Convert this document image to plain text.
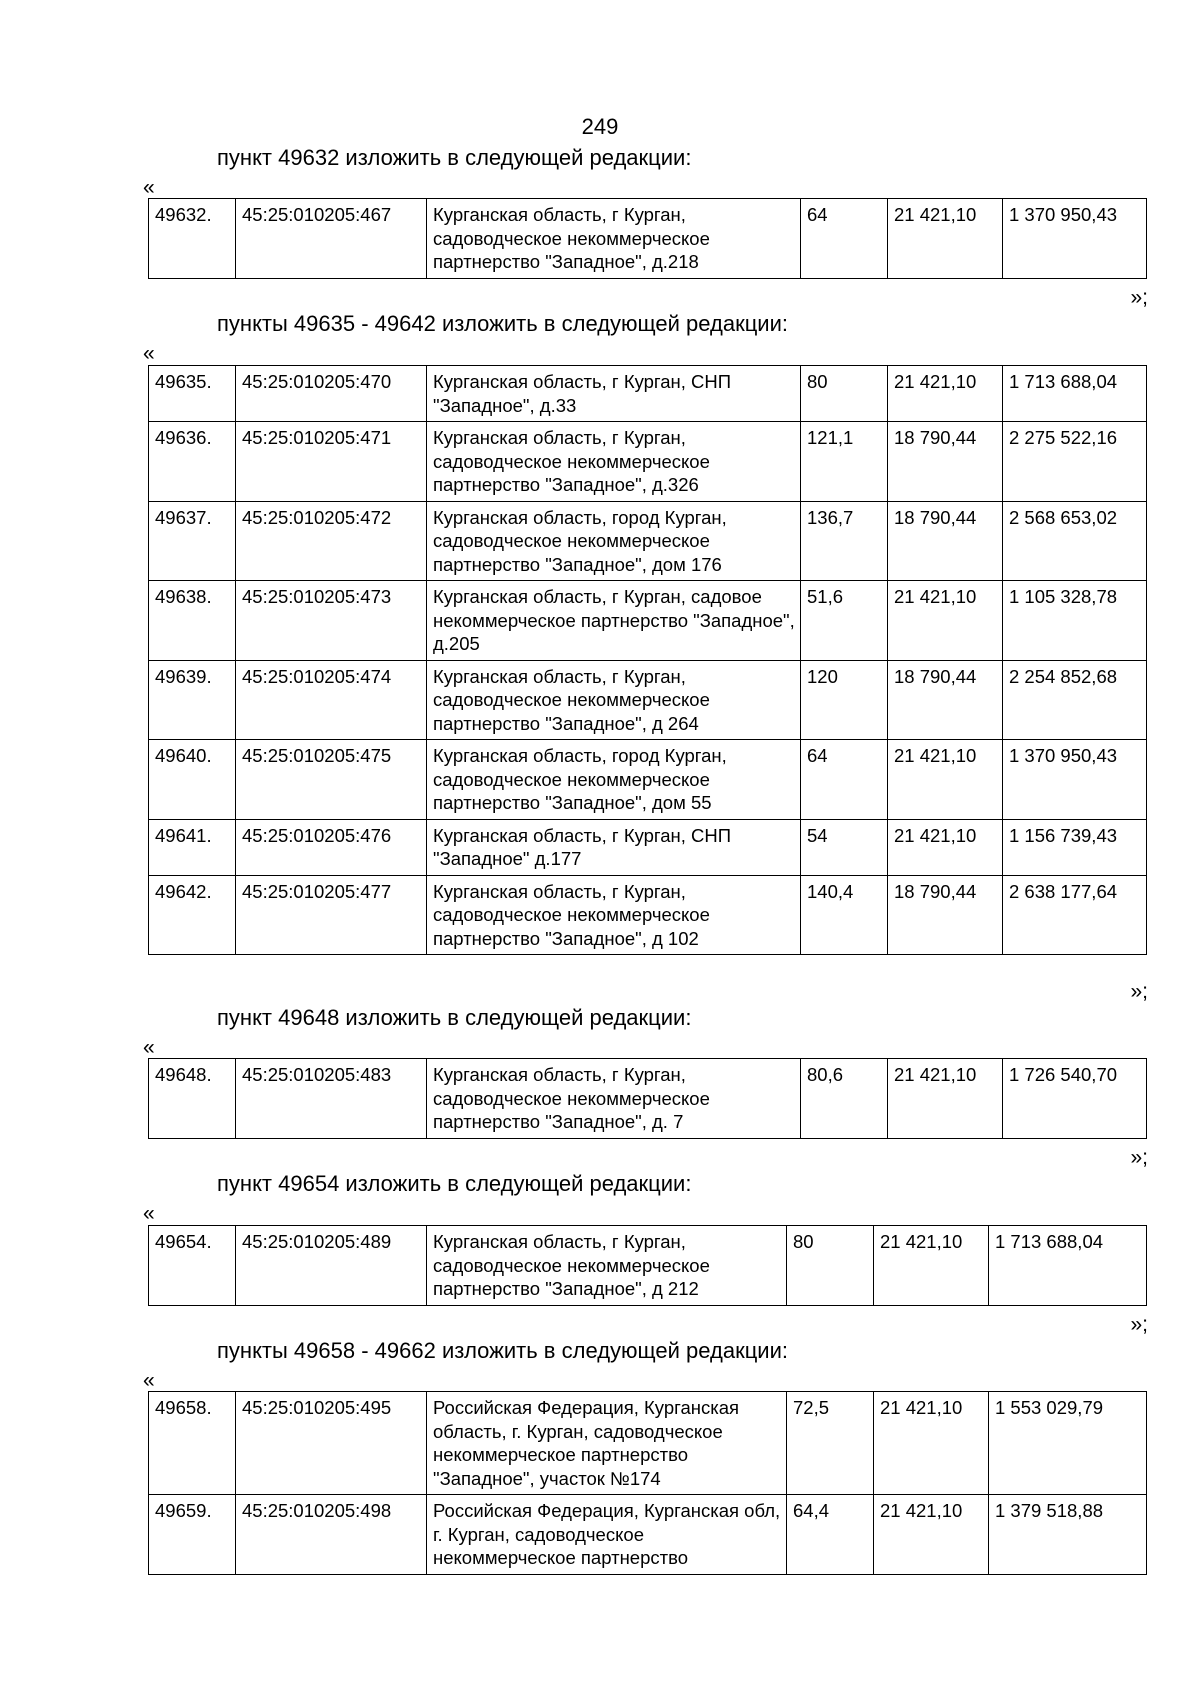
249
пункт 49632 изложить в следующей редакции:
«
49632.	45:25:010205:467	Курганская область, г Курган, садоводческое некоммерческое партнерство "Западное", д.218	64	21 421,10	1 370 950,43
»;
пункты 49635 - 49642 изложить в следующей редакции:
«
49635.	45:25:010205:470	Курганская область, г Курган, СНП "Западное", д.33	80	21 421,10	1 713 688,04
49636.	45:25:010205:471	Курганская область, г Курган, садоводческое некоммерческое партнерство "Западное", д.326	121,1	18 790,44	2 275 522,16
49637.	45:25:010205:472	Курганская область, город Курган, садоводческое некоммерческое партнерство "Западное", дом 176	136,7	18 790,44	2 568 653,02
49638.	45:25:010205:473	Курганская область, г Курган, садовое некоммерческое партнерство "Западное", д.205	51,6	21 421,10	1 105 328,78
49639.	45:25:010205:474	Курганская область, г Курган, садоводческое некоммерческое партнерство "Западное", д 264	120	18 790,44	2 254 852,68
49640.	45:25:010205:475	Курганская область, город Курган, садоводческое некоммерческое партнерство "Западное", дом 55	64	21 421,10	1 370 950,43
49641.	45:25:010205:476	Курганская область, г Курган, СНП "Западное" д.177	54	21 421,10	1 156 739,43
49642.	45:25:010205:477	Курганская область, г Курган, садоводческое некоммерческое партнерство "Западное", д 102	140,4	18 790,44	2 638 177,64
»;
пункт 49648 изложить в следующей редакции:
«
49648.	45:25:010205:483	Курганская область, г Курган, садоводческое некоммерческое партнерство "Западное", д. 7	80,6	21 421,10	1 726 540,70
»;
пункт 49654 изложить в следующей редакции:
«
49654.	45:25:010205:489	Курганская область, г Курган, садоводческое некоммерческое партнерство "Западное", д 212	80	21 421,10	1 713 688,04
»;
пункты 49658 - 49662 изложить в следующей редакции:
«
49658.	45:25:010205:495	Российская Федерация, Курганская область, г. Курган, садоводческое некоммерческое партнерство "Западное", участок №174	72,5	21 421,10	1 553 029,79
49659.	45:25:010205:498	Российская Федерация, Курганская обл, г. Курган, садоводческое некоммерческое партнерство	64,4	21 421,10	1 379 518,88
